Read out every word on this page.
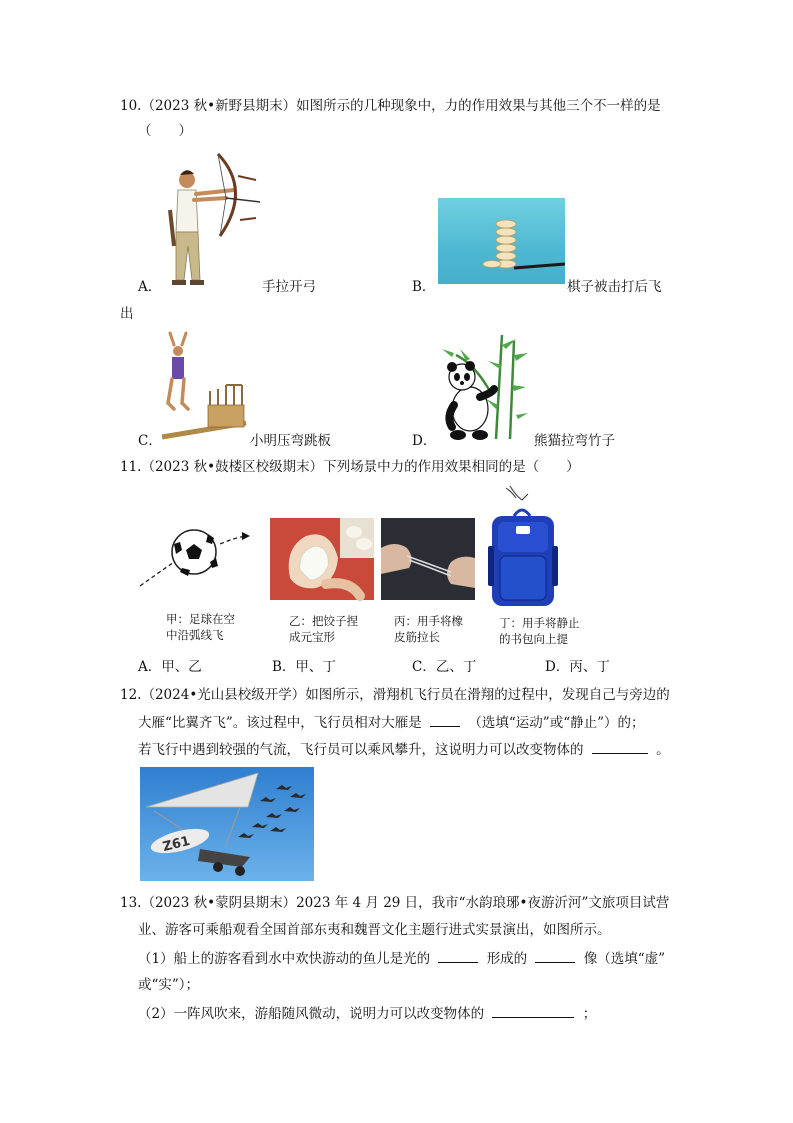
10.（2023 秋•新野县期末）如图所示的几种现象中，力的作用效果与其他三个不一样的是
（　　）
A．	手拉开弓	B．	棋子被击打后飞
出
C．	小明压弯跳板	D．	熊猫拉弯竹子
11.（2023 秋•鼓楼区校级期末）下列场景中力的作用效果相同的是（　　）
甲：足球在空
中沿弧线飞
乙：把饺子捏
成元宝形
丙：用手将橡
皮筋拉长
丁：用手将静止
的书包向上提
A．甲、乙	B．甲、丁	C．乙、丁	D．丙、丁
12.（2024•光山县校级开学）如图所示，滑翔机飞行员在滑翔的过程中，发现自己与旁边的
大雁“比翼齐飞”。该过程中，飞行员相对大雁是	（选填“运动”或“静止”）的；
若飞行中遇到较强的气流，飞行员可以乘风攀升，这说明力可以改变物体的	。
Z61
13.（2023 秋•蒙阴县期末）2023 年 4 月 29 日，我市“水韵琅琊•夜游沂河”文旅项目试营
业、游客可乘船观看全国首部东夷和魏晋文化主题行进式实景演出，如图所示。
（1）船上的游客看到水中欢快游动的鱼儿是光的	形成的	像（选填“虚”
或“实”）；
（2）一阵风吹来，游船随风微动，说明力可以改变物体的	；
